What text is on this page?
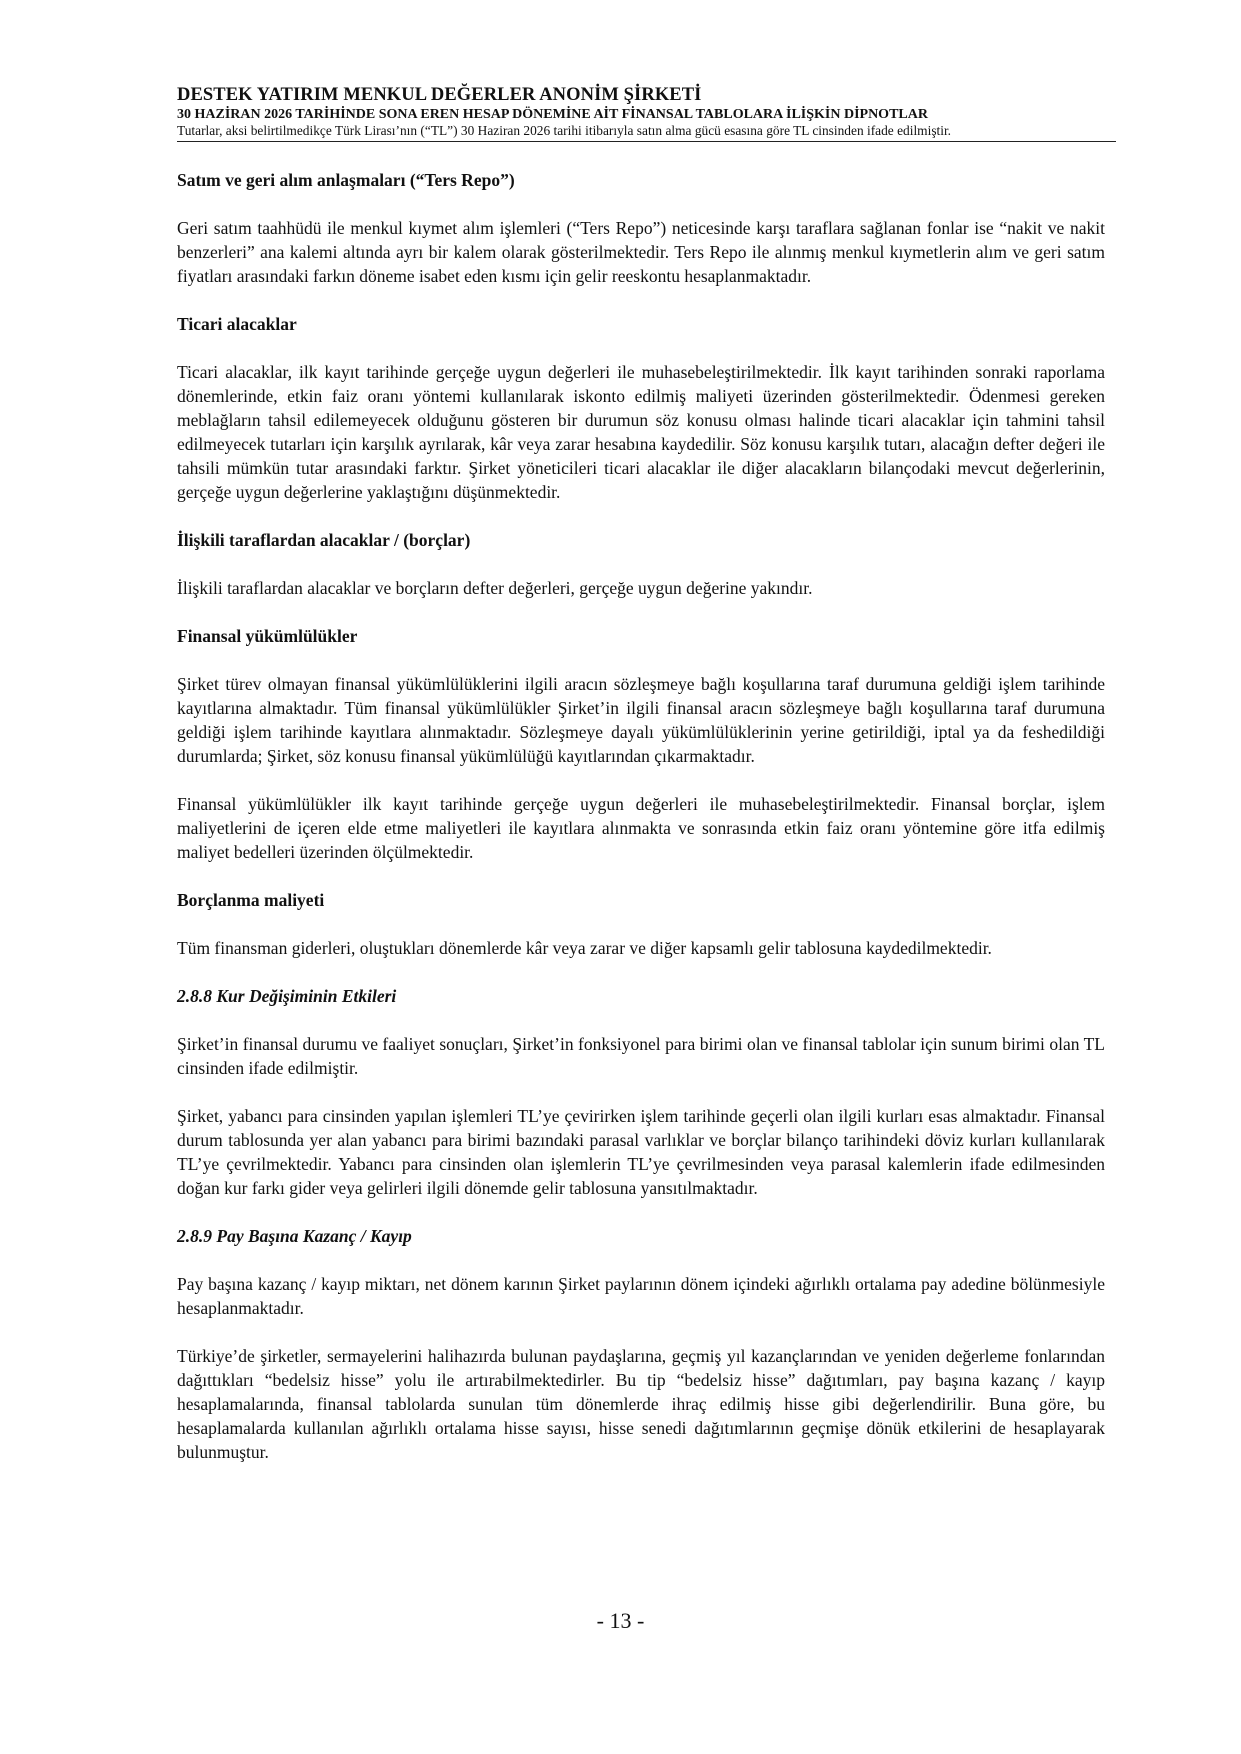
DESTEK YATIRIM MENKUL DEĞERLER ANONİM ŞİRKETİ
30 HAZİRAN 2026 TARİHİNDE SONA EREN HESAP DÖNEMİNE AİT FİNANSAL TABLOLARA İLİŞKİN DİPNOTLAR
Tutarlar, aksi belirtilmedikçe Türk Lirası’nın (“TL”) 30 Haziran 2026 tarihi itibarıyla satın alma gücü esasına göre TL cinsinden ifade edilmiştir.

Satım ve geri alım anlaşmaları (“Ters Repo”)

Geri satım taahhüdü ile menkul kıymet alım işlemleri (“Ters Repo”) neticesinde karşı taraflara sağlanan fonlar ise “nakit ve nakit benzerleri” ana kalemi altında ayrı bir kalem olarak gösterilmektedir. Ters Repo ile alınmış menkul kıymetlerin alım ve geri satım fiyatları arasındaki farkın döneme isabet eden kısmı için gelir reeskontu hesaplanmaktadır.

Ticari alacaklar

Ticari alacaklar, ilk kayıt tarihinde gerçeğe uygun değerleri ile muhasebeleştirilmektedir. İlk kayıt tarihinden sonraki raporlama dönemlerinde, etkin faiz oranı yöntemi kullanılarak iskonto edilmiş maliyeti üzerinden gösterilmektedir. Ödenmesi gereken meblağların tahsil edilemeyecek olduğunu gösteren bir durumun söz konusu olması halinde ticari alacaklar için tahmini tahsil edilmeyecek tutarları için karşılık ayrılarak, kâr veya zarar hesabına kaydedilir. Söz konusu karşılık tutarı, alacağın defter değeri ile tahsili mümkün tutar arasındaki farktır. Şirket yöneticileri ticari alacaklar ile diğer alacakların bilançodaki mevcut değerlerinin, gerçeğe uygun değerlerine yaklaştığını düşünmektedir.

İlişkili taraflardan alacaklar / (borçlar)

İlişkili taraflardan alacaklar ve borçların defter değerleri, gerçeğe uygun değerine yakındır.

Finansal yükümlülükler

Şirket türev olmayan finansal yükümlülüklerini ilgili aracın sözleşmeye bağlı koşullarına taraf durumuna geldiği işlem tarihinde kayıtlarına almaktadır. Tüm finansal yükümlülükler Şirket’in ilgili finansal aracın sözleşmeye bağlı koşullarına taraf durumuna geldiği işlem tarihinde kayıtlara alınmaktadır. Sözleşmeye dayalı yükümlülüklerinin yerine getirildiği, iptal ya da feshedildiği durumlarda; Şirket, söz konusu finansal yükümlülüğü kayıtlarından çıkarmaktadır.

Finansal yükümlülükler ilk kayıt tarihinde gerçeğe uygun değerleri ile muhasebeleştirilmektedir. Finansal borçlar, işlem maliyetlerini de içeren elde etme maliyetleri ile kayıtlara alınmakta ve sonrasında etkin faiz oranı yöntemine göre itfa edilmiş maliyet bedelleri üzerinden ölçülmektedir.

Borçlanma maliyeti

Tüm finansman giderleri, oluştukları dönemlerde kâr veya zarar ve diğer kapsamlı gelir tablosuna kaydedilmektedir.

2.8.8 Kur Değişiminin Etkileri

Şirket’in finansal durumu ve faaliyet sonuçları, Şirket’in fonksiyonel para birimi olan ve finansal tablolar için sunum birimi olan TL cinsinden ifade edilmiştir.

Şirket, yabancı para cinsinden yapılan işlemleri TL’ye çevirirken işlem tarihinde geçerli olan ilgili kurları esas almaktadır. Finansal durum tablosunda yer alan yabancı para birimi bazındaki parasal varlıklar ve borçlar bilanço tarihindeki döviz kurları kullanılarak TL’ye çevrilmektedir. Yabancı para cinsinden olan işlemlerin TL’ye çevrilmesinden veya parasal kalemlerin ifade edilmesinden doğan kur farkı gider veya gelirleri ilgili dönemde gelir tablosuna yansıtılmaktadır.

2.8.9 Pay Başına Kazanç / Kayıp

Pay başına kazanç / kayıp miktarı, net dönem karının Şirket paylarının dönem içindeki ağırlıklı ortalama pay adedine bölünmesiyle hesaplanmaktadır.

Türkiye’de şirketler, sermayelerini halihazırda bulunan paydaşlarına, geçmiş yıl kazançlarından ve yeniden değerleme fonlarından dağıttıkları “bedelsiz hisse” yolu ile artırabilmektedirler. Bu tip “bedelsiz hisse” dağıtımları, pay başına kazanç / kayıp hesaplamalarında, finansal tablolarda sunulan tüm dönemlerde ihraç edilmiş hisse gibi değerlendirilir. Buna göre, bu hesaplamalarda kullanılan ağırlıklı ortalama hisse sayısı, hisse senedi dağıtımlarının geçmişe dönük etkilerini de hesaplayarak bulunmuştur.

- 13 -
